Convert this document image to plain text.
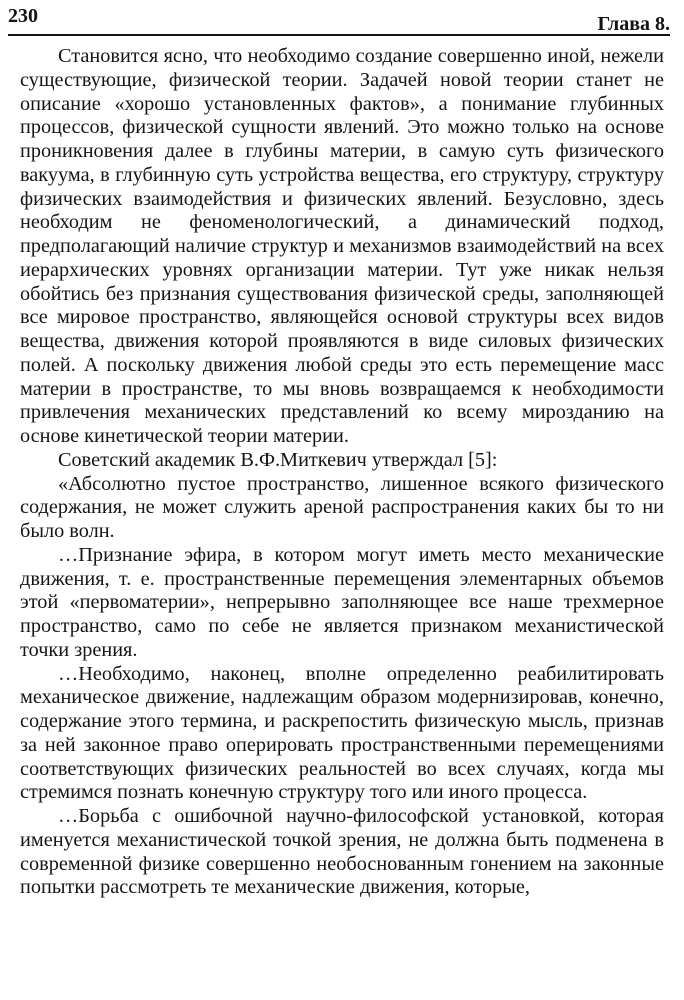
230	Глава 8.

Становится ясно, что необходимо создание совершенно иной, нежели существующие, физической теории. Задачей новой теории станет не описание «хорошо установленных фактов», а понимание глубинных процессов, физической сущности явлений. Это можно только на основе проникновения далее в глубины материи, в самую суть физического вакуума, в глубинную суть устройства вещества, его структуру, структуру физических взаимодействия и физических явлений. Безусловно, здесь необходим не феноменологический, а динамический подход, предполагающий наличие структур и механизмов взаимодействий на всех иерархических уровнях организации материи. Тут уже никак нельзя обойтись без признания существования физической среды, заполняющей все мировое пространство, являющейся основой структуры всех видов вещества, движения которой проявляются в виде силовых физических полей. А поскольку движения любой среды это есть перемещение масс материи в пространстве, то мы вновь возвращаемся к необходимости привлечения механических представлений ко всему мирозданию на основе кинетической теории материи.

Советский академик В.Ф.Миткевич утверждал [5]:

«Абсолютно пустое пространство, лишенное всякого физического содержания, не может служить ареной распространения каких бы то ни было волн.

…Признание эфира, в котором могут иметь место механические движения, т. е. пространственные перемещения элементарных объемов этой «первоматерии», непрерывно заполняющее все наше трехмерное пространство, само по себе не является признаком механистической точки зрения.

…Необходимо, наконец, вполне определенно реабилитировать механическое движение, надлежащим образом модернизировав, конечно, содержание этого термина, и раскрепостить физическую мысль, признав за ней законное право оперировать пространственными перемещениями соответствующих физических реальностей во всех случаях, когда мы стремимся познать конечную структуру того или иного процесса.

…Борьба с ошибочной научно-философской установкой, которая именуется механистической точкой зрения, не должна быть подменена в современной физике совершенно необоснованным гонением на законные попытки рассмотреть те механические движения, которые,
